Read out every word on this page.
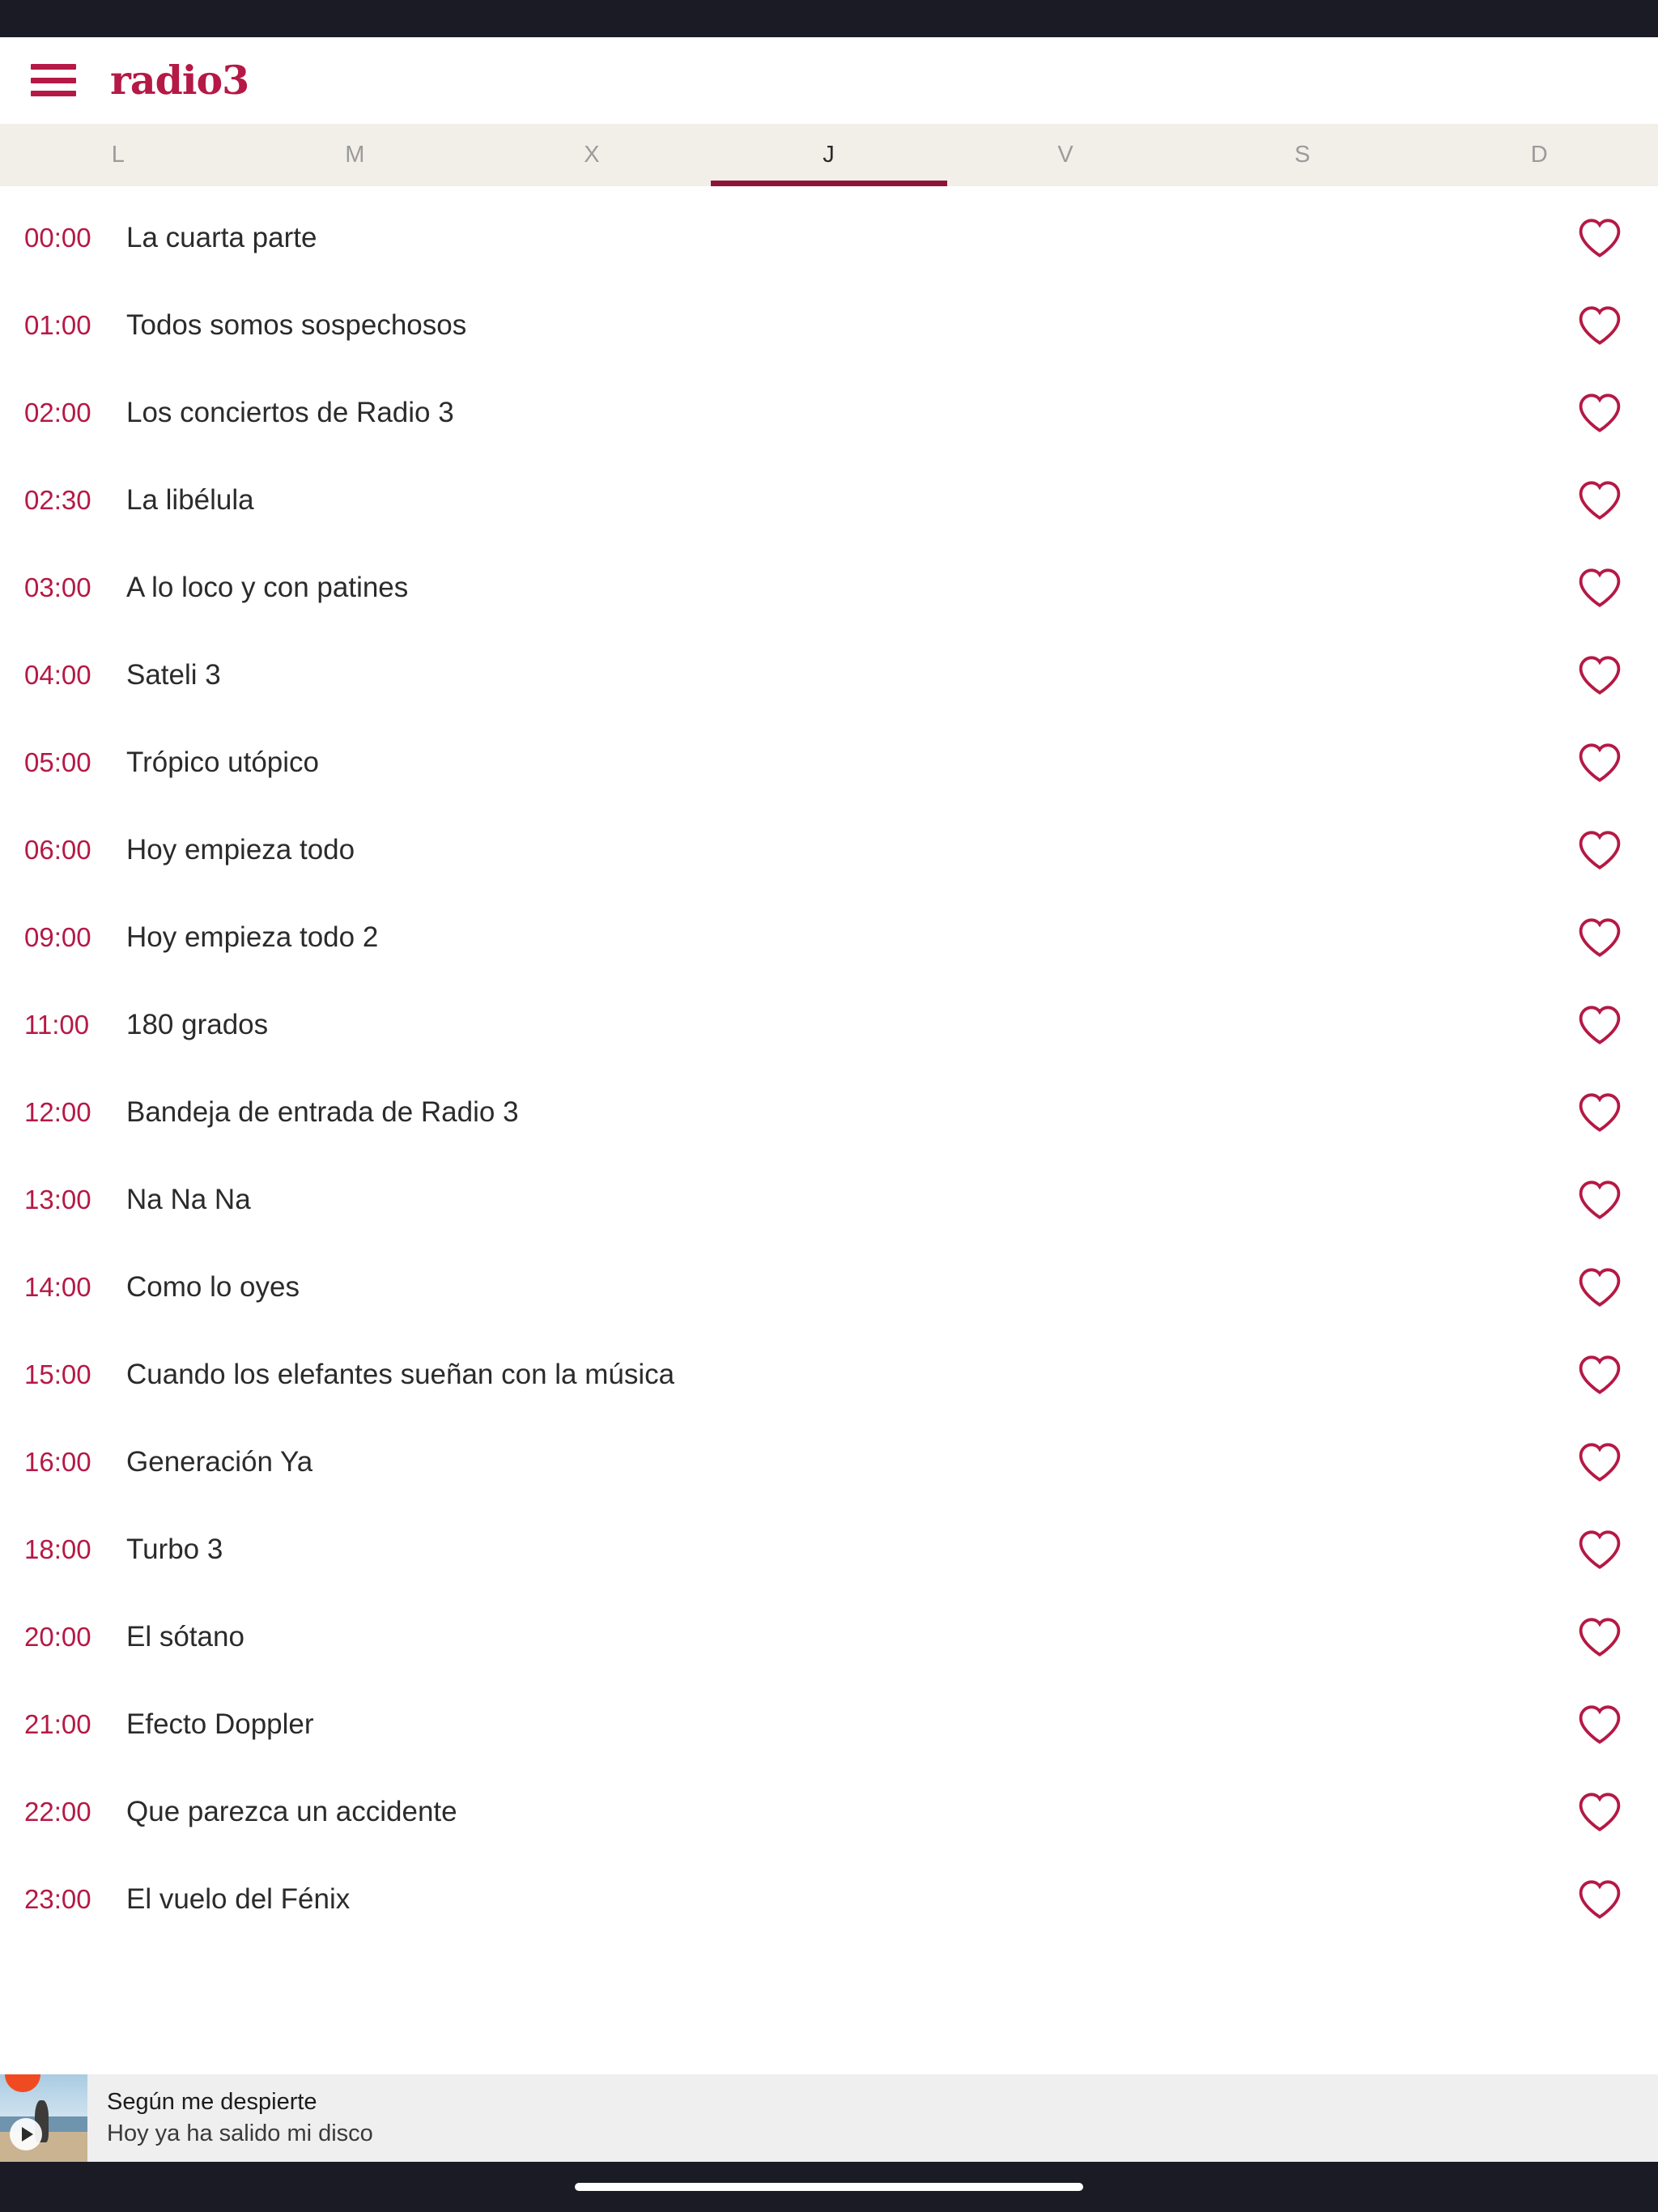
radio3
L	M	X	J	V	S	D
00:00	La cuarta parte
01:00	Todos somos sospechosos
02:00	Los conciertos de Radio 3
02:30	La libélula
03:00	A lo loco y con patines
04:00	Sateli 3
05:00	Trópico utópico
06:00	Hoy empieza todo
09:00	Hoy empieza todo 2
11:00	180 grados
12:00	Bandeja de entrada de Radio 3
13:00	Na Na Na
14:00	Como lo oyes
15:00	Cuando los elefantes sueñan con la música
16:00	Generación Ya
18:00	Turbo 3
20:00	El sótano
21:00	Efecto Doppler
22:00	Que parezca un accidente
23:00	El vuelo del Fénix
Según me despierte
Hoy ya ha salido mi disco
